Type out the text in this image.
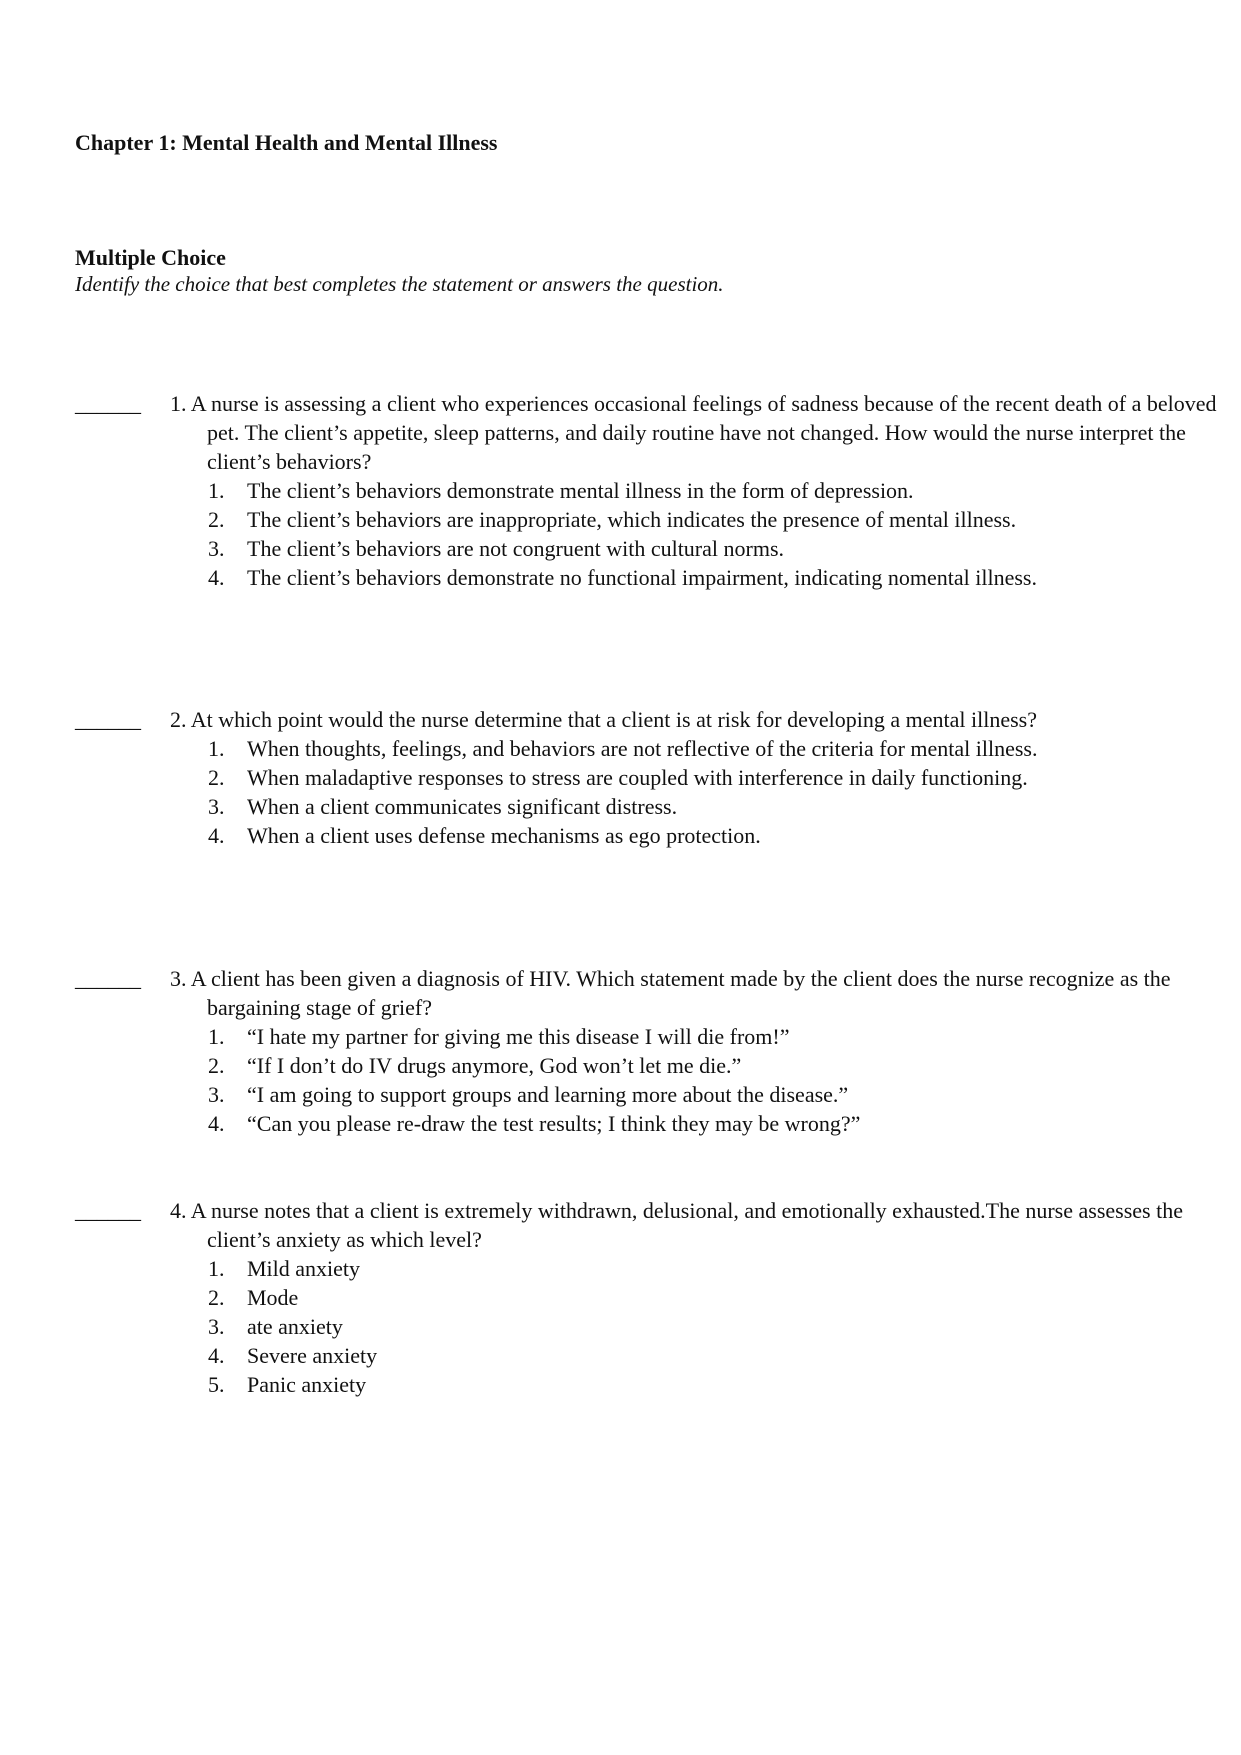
Chapter 1: Mental Health and Mental Illness
Multiple Choice
Identify the choice that best completes the statement or answers the question.
______ 1. A nurse is assessing a client who experiences occasional feelings of sadness because of the recent death of a beloved pet. The client’s appetite, sleep patterns, and daily routine have not changed. How would the nurse interpret the client’s behaviors?
1. The client’s behaviors demonstrate mental illness in the form of depression.
2. The client’s behaviors are inappropriate, which indicates the presence of mental illness.
3. The client’s behaviors are not congruent with cultural norms.
4. The client’s behaviors demonstrate no functional impairment, indicating nomental illness.
______ 2. At which point would the nurse determine that a client is at risk for developing a mental illness?
1. When thoughts, feelings, and behaviors are not reflective of the criteria for mental illness.
2. When maladaptive responses to stress are coupled with interference in daily functioning.
3. When a client communicates significant distress.
4. When a client uses defense mechanisms as ego protection.
______ 3. A client has been given a diagnosis of HIV. Which statement made by the client does the nurse recognize as the bargaining stage of grief?
1. “I hate my partner for giving me this disease I will die from!”
2. “If I don’t do IV drugs anymore, God won’t let me die.”
3. “I am going to support groups and learning more about the disease.”
4. “Can you please re-draw the test results; I think they may be wrong?”
______ 4. A nurse notes that a client is extremely withdrawn, delusional, and emotionally exhausted.The nurse assesses the client’s anxiety as which level?
1. Mild anxiety
2. Mode
3. ate anxiety
4. Severe anxiety
5. Panic anxiety
